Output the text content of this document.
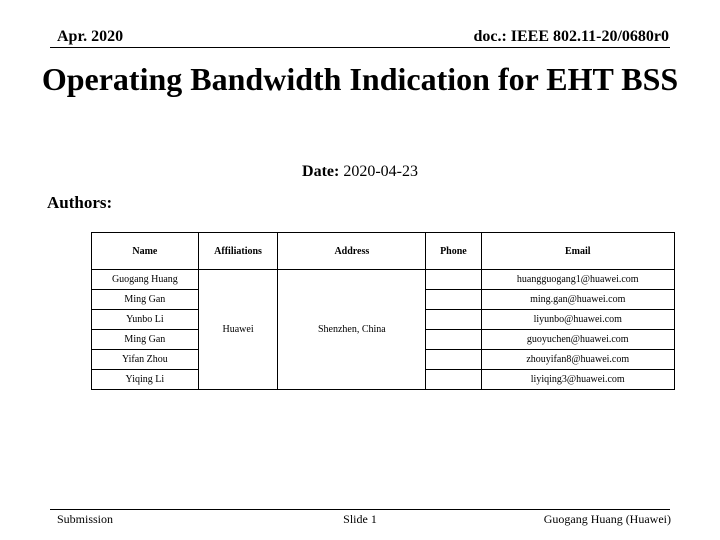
Apr. 2020	doc.: IEEE 802.11-20/0680r0
Operating Bandwidth Indication for EHT BSS
Date: 2020-04-23
Authors:
Name	Affiliations	Address	Phone	Email
Guogang Huang	Huawei	Shenzhen, China		huangguogang1@huawei.com
Ming Gan				ming.gan@huawei.com
Yunbo Li				liyunbo@huawei.com
Ming Gan				guoyuchen@huawei.com
Yifan Zhou				zhouyifan8@huawei.com
Yiqing Li				liyiqing3@huawei.com
Submission	Slide 1	Guogang Huang (Huawei)
